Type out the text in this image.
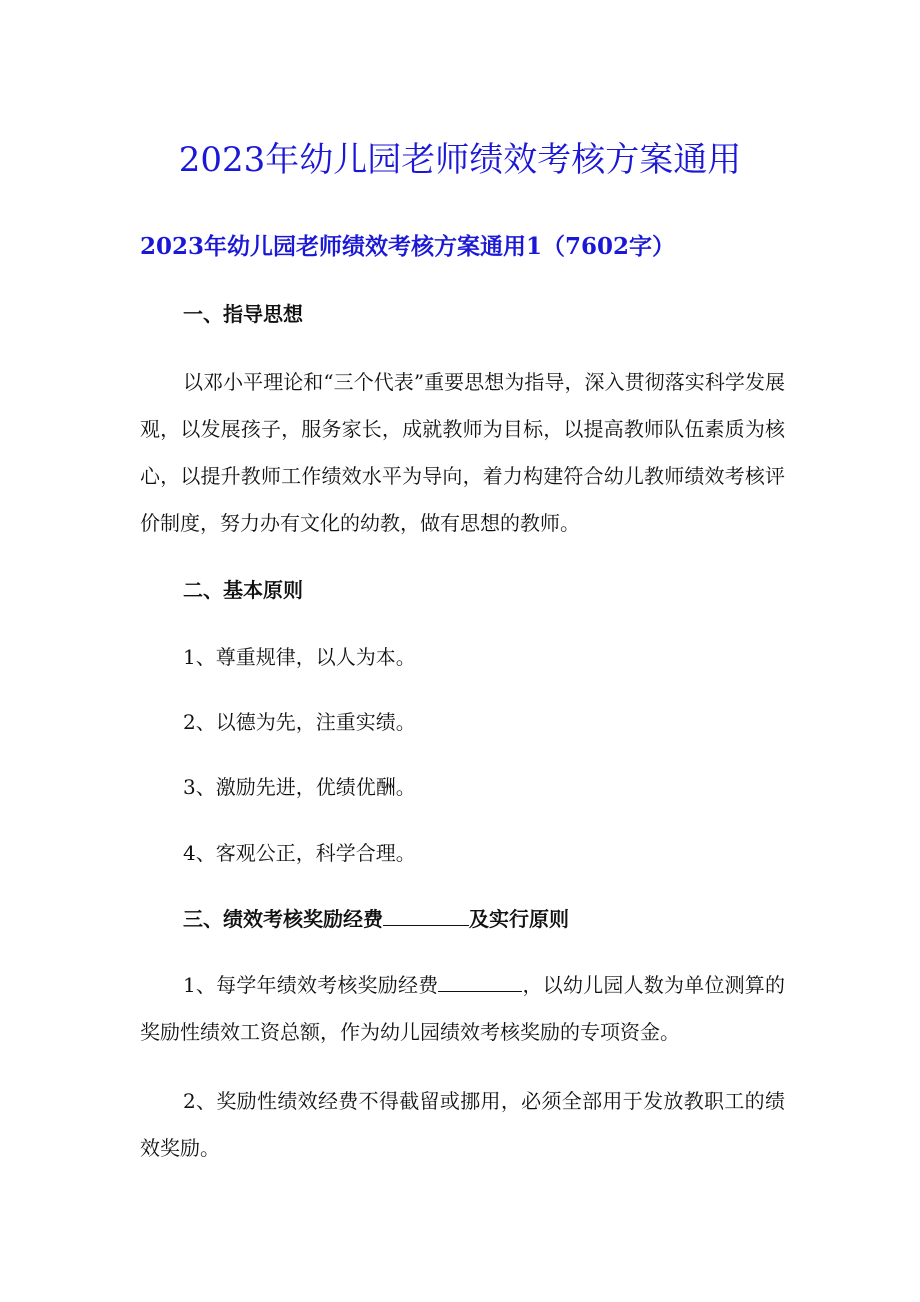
2023年幼儿园老师绩效考核方案通用
2023年幼儿园老师绩效考核方案通用1（7602字）
一、指导思想

以邓小平理论和“三个代表”重要思想为指导，深入贯彻落实科学发展观，以发展孩子，服务家长，成就教师为目标，以提高教师队伍素质为核心，以提升教师工作绩效水平为导向，着力构建符合幼儿教师绩效考核评价制度，努力办有文化的幼教，做有思想的教师。

二、基本原则

1、尊重规律，以人为本。

2、以德为先，注重实绩。

3、激励先进，优绩优酬。

4、客观公正，科学合理。

三、绩效考核奖励经费	及实行原则

1、每学年绩效考核奖励经费	，以幼儿园人数为单位测算的奖励性绩效工资总额，作为幼儿园绩效考核奖励的专项资金。

2、奖励性绩效经费不得截留或挪用，必须全部用于发放教职工的绩效奖励。
